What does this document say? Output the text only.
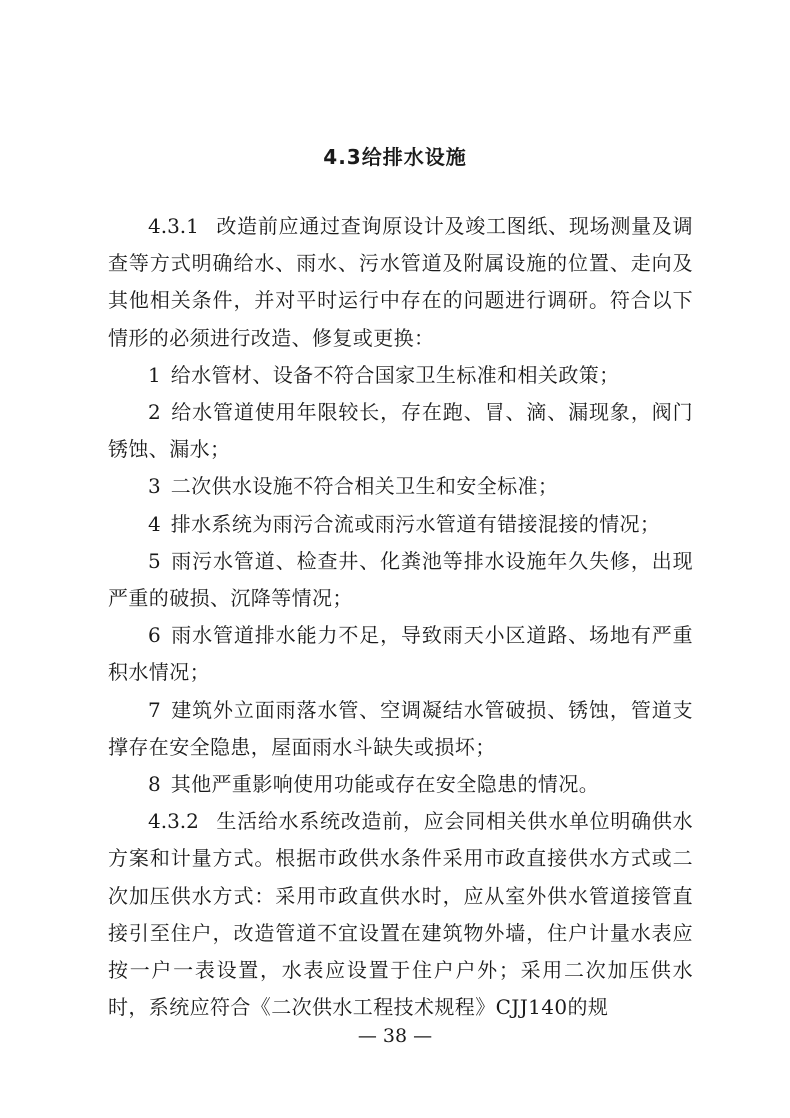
4.3给排水设施

4.3.1 改造前应通过查询原设计及竣工图纸、现场测量及调查等方式明确给水、雨水、污水管道及附属设施的位置、走向及其他相关条件，并对平时运行中存在的问题进行调研。符合以下情形的必须进行改造、修复或更换：

1 给水管材、设备不符合国家卫生标准和相关政策；

2 给水管道使用年限较长，存在跑、冒、滴、漏现象，阀门锈蚀、漏水；

3 二次供水设施不符合相关卫生和安全标准；

4 排水系统为雨污合流或雨污水管道有错接混接的情况；

5 雨污水管道、检查井、化粪池等排水设施年久失修，出现严重的破损、沉降等情况；

6 雨水管道排水能力不足，导致雨天小区道路、场地有严重积水情况；

7 建筑外立面雨落水管、空调凝结水管破损、锈蚀，管道支撑存在安全隐患，屋面雨水斗缺失或损坏；

8 其他严重影响使用功能或存在安全隐患的情况。

4.3.2 生活给水系统改造前，应会同相关供水单位明确供水方案和计量方式。根据市政供水条件采用市政直接供水方式或二次加压供水方式：采用市政直供水时，应从室外供水管道接管直接引至住户，改造管道不宜设置在建筑物外墙，住户计量水表应按一户一表设置，水表应设置于住户户外；采用二次加压供水时，系统应符合《二次供水工程技术规程》CJJ140的规

— 38 —
